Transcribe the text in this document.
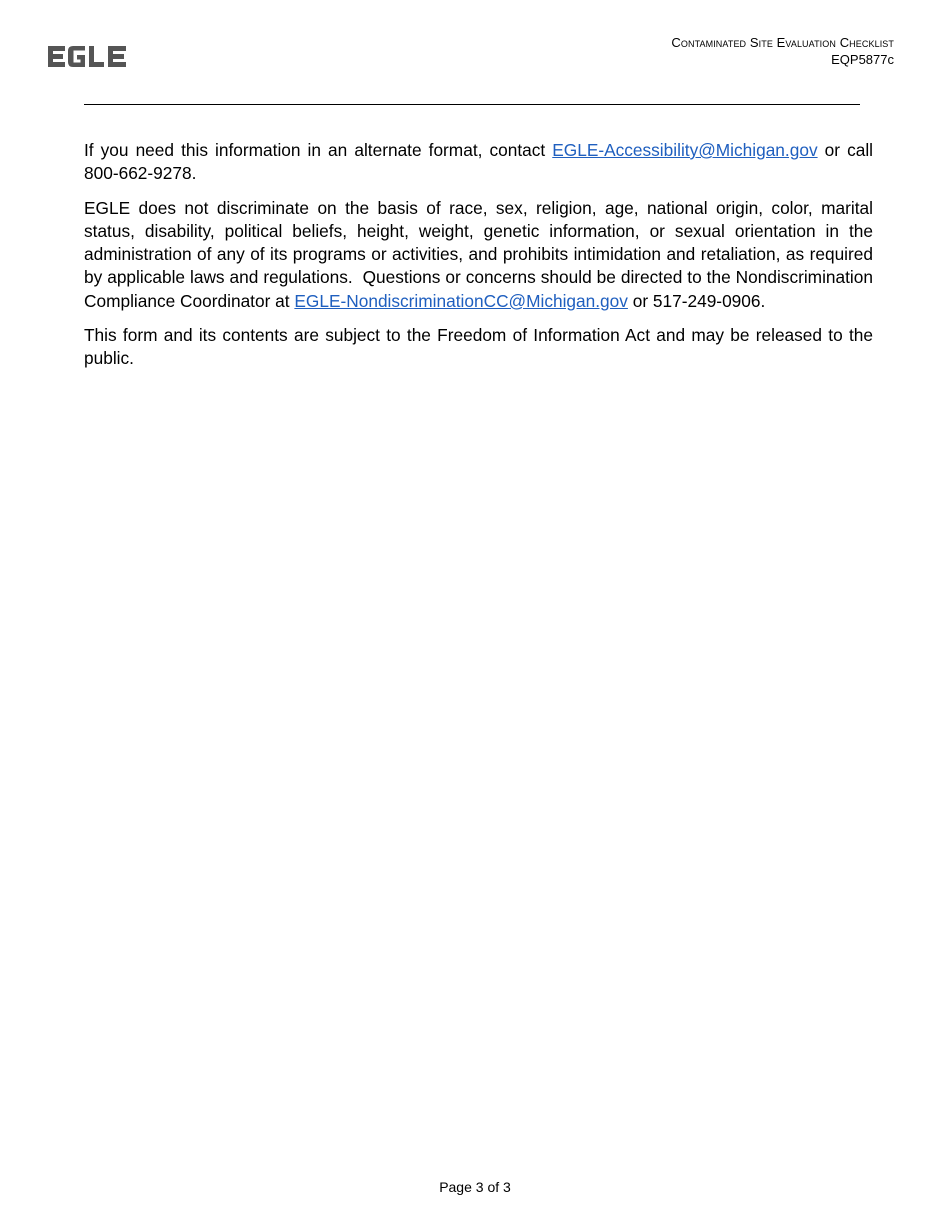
Contaminated Site Evaluation Checklist
EQP5877c

If you need this information in an alternate format, contact EGLE-Accessibility@Michigan.gov or call 800-662-9278.

EGLE does not discriminate on the basis of race, sex, religion, age, national origin, color, marital status, disability, political beliefs, height, weight, genetic information, or sexual orientation in the administration of any of its programs or activities, and prohibits intimidation and retaliation, as required by applicable laws and regulations.  Questions or concerns should be directed to the Nondiscrimination Compliance Coordinator at EGLE-NondiscriminationCC@Michigan.gov or 517-249-0906.

This form and its contents are subject to the Freedom of Information Act and may be released to the public.

Page 3 of 3
